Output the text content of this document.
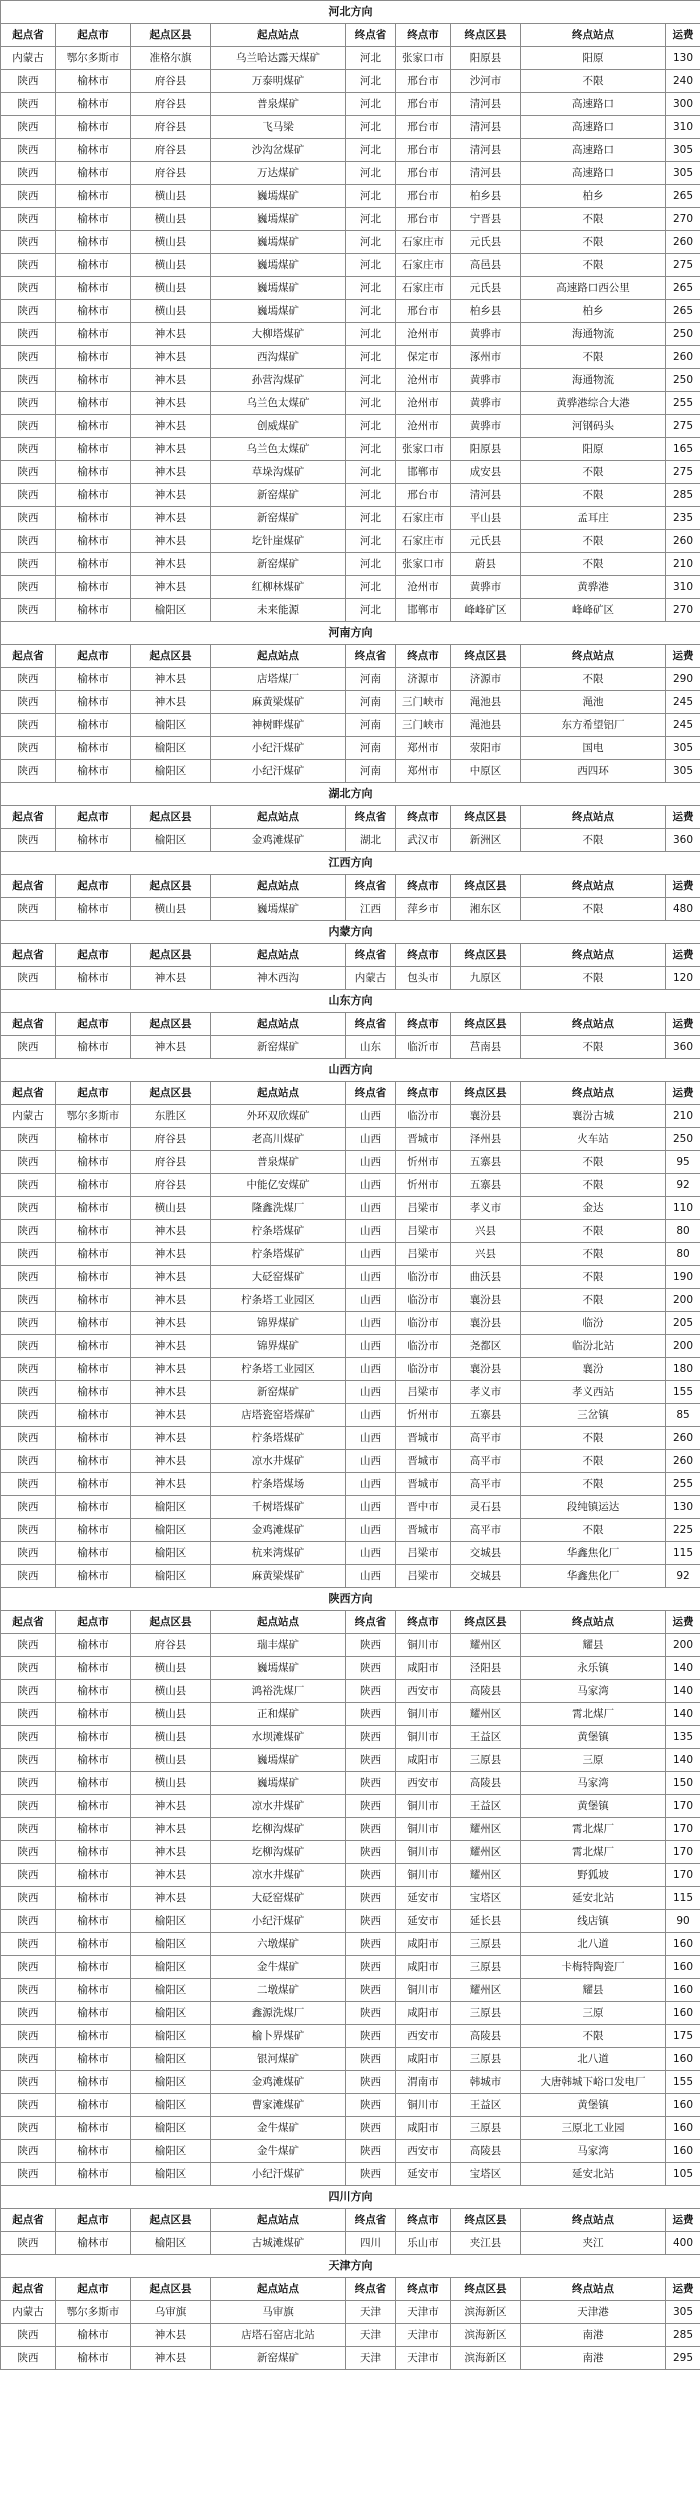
河北方向								
起点省	起点市	起点区县	起点站点	终点省	终点市	终点区县	终点站点	运费
内蒙古	鄂尔多斯市	准格尔旗	乌兰哈达露天煤矿	河北	张家口市	阳原县	阳原	130
陕西	榆林市	府谷县	万泰明煤矿	河北	邢台市	沙河市	不限	240
陕西	榆林市	府谷县	普泉煤矿	河北	邢台市	清河县	高速路口	300
陕西	榆林市	府谷县	飞马梁	河北	邢台市	清河县	高速路口	310
陕西	榆林市	府谷县	沙沟岔煤矿	河北	邢台市	清河县	高速路口	305
陕西	榆林市	府谷县	万达煤矿	河北	邢台市	清河县	高速路口	305
陕西	榆林市	横山县	巍墕煤矿	河北	邢台市	柏乡县	柏乡	265
陕西	榆林市	横山县	巍墕煤矿	河北	邢台市	宁晋县	不限	270
陕西	榆林市	横山县	巍墕煤矿	河北	石家庄市	元氏县	不限	260
陕西	榆林市	横山县	巍墕煤矿	河北	石家庄市	高邑县	不限	275
陕西	榆林市	横山县	巍墕煤矿	河北	石家庄市	元氏县	高速路口西公里	265
陕西	榆林市	横山县	巍墕煤矿	河北	邢台市	柏乡县	柏乡	265
陕西	榆林市	神木县	大柳塔煤矿	河北	沧州市	黄骅市	海通物流	250
陕西	榆林市	神木县	西沟煤矿	河北	保定市	涿州市	不限	260
陕西	榆林市	神木县	孙营沟煤矿	河北	沧州市	黄骅市	海通物流	250
陕西	榆林市	神木县	乌兰色太煤矿	河北	沧州市	黄骅市	黄骅港综合大港	255
陕西	榆林市	神木县	创威煤矿	河北	沧州市	黄骅市	河钢码头	275
陕西	榆林市	神木县	乌兰色太煤矿	河北	张家口市	阳原县	阳原	165
陕西	榆林市	神木县	草垛沟煤矿	河北	邯郸市	成安县	不限	275
陕西	榆林市	神木县	新窑煤矿	河北	邢台市	清河县	不限	285
陕西	榆林市	神木县	新窑煤矿	河北	石家庄市	平山县	孟耳庄	235
陕西	榆林市	神木县	圪针崖煤矿	河北	石家庄市	元氏县	不限	260
陕西	榆林市	神木县	新窑煤矿	河北	张家口市	蔚县	不限	210
陕西	榆林市	神木县	红柳林煤矿	河北	沧州市	黄骅市	黄骅港	310
陕西	榆林市	榆阳区	未来能源	河北	邯郸市	峰峰矿区	峰峰矿区	270
河南方向								
起点省	起点市	起点区县	起点站点	终点省	终点市	终点区县	终点站点	运费
陕西	榆林市	神木县	店塔煤厂	河南	济源市	济源市	不限	290
陕西	榆林市	神木县	麻黄梁煤矿	河南	三门峡市	渑池县	渑池	245
陕西	榆林市	榆阳区	神树畔煤矿	河南	三门峡市	渑池县	东方希望铝厂	245
陕西	榆林市	榆阳区	小纪汗煤矿	河南	郑州市	荥阳市	国电	305
陕西	榆林市	榆阳区	小纪汗煤矿	河南	郑州市	中原区	西四环	305
湖北方向								
起点省	起点市	起点区县	起点站点	终点省	终点市	终点区县	终点站点	运费
陕西	榆林市	榆阳区	金鸡滩煤矿	湖北	武汉市	新洲区	不限	360
江西方向								
起点省	起点市	起点区县	起点站点	终点省	终点市	终点区县	终点站点	运费
陕西	榆林市	横山县	巍墕煤矿	江西	萍乡市	湘东区	不限	480
内蒙方向								
起点省	起点市	起点区县	起点站点	终点省	终点市	终点区县	终点站点	运费
陕西	榆林市	神木县	神木西沟	内蒙古	包头市	九原区	不限	120
山东方向								
起点省	起点市	起点区县	起点站点	终点省	终点市	终点区县	终点站点	运费
陕西	榆林市	神木县	新窑煤矿	山东	临沂市	莒南县	不限	360
山西方向								
起点省	起点市	起点区县	起点站点	终点省	终点市	终点区县	终点站点	运费
内蒙古	鄂尔多斯市	东胜区	外环双欣煤矿	山西	临汾市	襄汾县	襄汾古城	210
陕西	榆林市	府谷县	老高川煤矿	山西	晋城市	泽州县	火车站	250
陕西	榆林市	府谷县	普泉煤矿	山西	忻州市	五寨县	不限	95
陕西	榆林市	府谷县	中能亿安煤矿	山西	忻州市	五寨县	不限	92
陕西	榆林市	横山县	隆鑫洗煤厂	山西	吕梁市	孝义市	金达	110
陕西	榆林市	神木县	柠条塔煤矿	山西	吕梁市	兴县	不限	80
陕西	榆林市	神木县	柠条塔煤矿	山西	吕梁市	兴县	不限	80
陕西	榆林市	神木县	大砭窑煤矿	山西	临汾市	曲沃县	不限	190
陕西	榆林市	神木县	柠条塔工业园区	山西	临汾市	襄汾县	不限	200
陕西	榆林市	神木县	锦界煤矿	山西	临汾市	襄汾县	临汾	205
陕西	榆林市	神木县	锦界煤矿	山西	临汾市	尧都区	临汾北站	200
陕西	榆林市	神木县	柠条塔工业园区	山西	临汾市	襄汾县	襄汾	180
陕西	榆林市	神木县	新窑煤矿	山西	吕梁市	孝义市	孝义西站	155
陕西	榆林市	神木县	店塔瓷窑塔煤矿	山西	忻州市	五寨县	三岔镇	85
陕西	榆林市	神木县	柠条塔煤矿	山西	晋城市	高平市	不限	260
陕西	榆林市	神木县	凉水井煤矿	山西	晋城市	高平市	不限	260
陕西	榆林市	神木县	柠条塔煤场	山西	晋城市	高平市	不限	255
陕西	榆林市	榆阳区	千树塔煤矿	山西	晋中市	灵石县	段纯镇运达	130
陕西	榆林市	榆阳区	金鸡滩煤矿	山西	晋城市	高平市	不限	225
陕西	榆林市	榆阳区	杭来湾煤矿	山西	吕梁市	交城县	华鑫焦化厂	115
陕西	榆林市	榆阳区	麻黄梁煤矿	山西	吕梁市	交城县	华鑫焦化厂	92
陕西方向								
起点省	起点市	起点区县	起点站点	终点省	终点市	终点区县	终点站点	运费
陕西	榆林市	府谷县	瑞丰煤矿	陕西	铜川市	耀州区	耀县	200
陕西	榆林市	横山县	巍墕煤矿	陕西	咸阳市	泾阳县	永乐镇	140
陕西	榆林市	横山县	鸿裕洗煤厂	陕西	西安市	高陵县	马家湾	140
陕西	榆林市	横山县	正和煤矿	陕西	铜川市	耀州区	霄北煤厂	140
陕西	榆林市	横山县	水坝滩煤矿	陕西	铜川市	王益区	黄堡镇	135
陕西	榆林市	横山县	巍墕煤矿	陕西	咸阳市	三原县	三原	140
陕西	榆林市	横山县	巍墕煤矿	陕西	西安市	高陵县	马家湾	150
陕西	榆林市	神木县	凉水井煤矿	陕西	铜川市	王益区	黄堡镇	170
陕西	榆林市	神木县	圪柳沟煤矿	陕西	铜川市	耀州区	霄北煤厂	170
陕西	榆林市	神木县	圪柳沟煤矿	陕西	铜川市	耀州区	霄北煤厂	170
陕西	榆林市	神木县	凉水井煤矿	陕西	铜川市	耀州区	野狐坡	170
陕西	榆林市	神木县	大砭窑煤矿	陕西	延安市	宝塔区	延安北站	115
陕西	榆林市	榆阳区	小纪汗煤矿	陕西	延安市	延长县	线店镇	90
陕西	榆林市	榆阳区	六墩煤矿	陕西	咸阳市	三原县	北八道	160
陕西	榆林市	榆阳区	金牛煤矿	陕西	咸阳市	三原县	卡梅特陶瓷厂	160
陕西	榆林市	榆阳区	二墩煤矿	陕西	铜川市	耀州区	耀县	160
陕西	榆林市	榆阳区	鑫源洗煤厂	陕西	咸阳市	三原县	三原	160
陕西	榆林市	榆阳区	榆卜界煤矿	陕西	西安市	高陵县	不限	175
陕西	榆林市	榆阳区	银河煤矿	陕西	咸阳市	三原县	北八道	160
陕西	榆林市	榆阳区	金鸡滩煤矿	陕西	渭南市	韩城市	大唐韩城下峪口发电厂	155
陕西	榆林市	榆阳区	曹家滩煤矿	陕西	铜川市	王益区	黄堡镇	160
陕西	榆林市	榆阳区	金牛煤矿	陕西	咸阳市	三原县	三原北工业园	160
陕西	榆林市	榆阳区	金牛煤矿	陕西	西安市	高陵县	马家湾	160
陕西	榆林市	榆阳区	小纪汗煤矿	陕西	延安市	宝塔区	延安北站	105
四川方向								
起点省	起点市	起点区县	起点站点	终点省	终点市	终点区县	终点站点	运费
陕西	榆林市	榆阳区	古城滩煤矿	四川	乐山市	夹江县	夹江	400
天津方向								
起点省	起点市	起点区县	起点站点	终点省	终点市	终点区县	终点站点	运费
内蒙古	鄂尔多斯市	乌审旗	马审旗	天津	天津市	滨海新区	天津港	305
陕西	榆林市	神木县	店塔石窑店北站	天津	天津市	滨海新区	南港	285
陕西	榆林市	神木县	新窑煤矿	天津	天津市	滨海新区	南港	295
